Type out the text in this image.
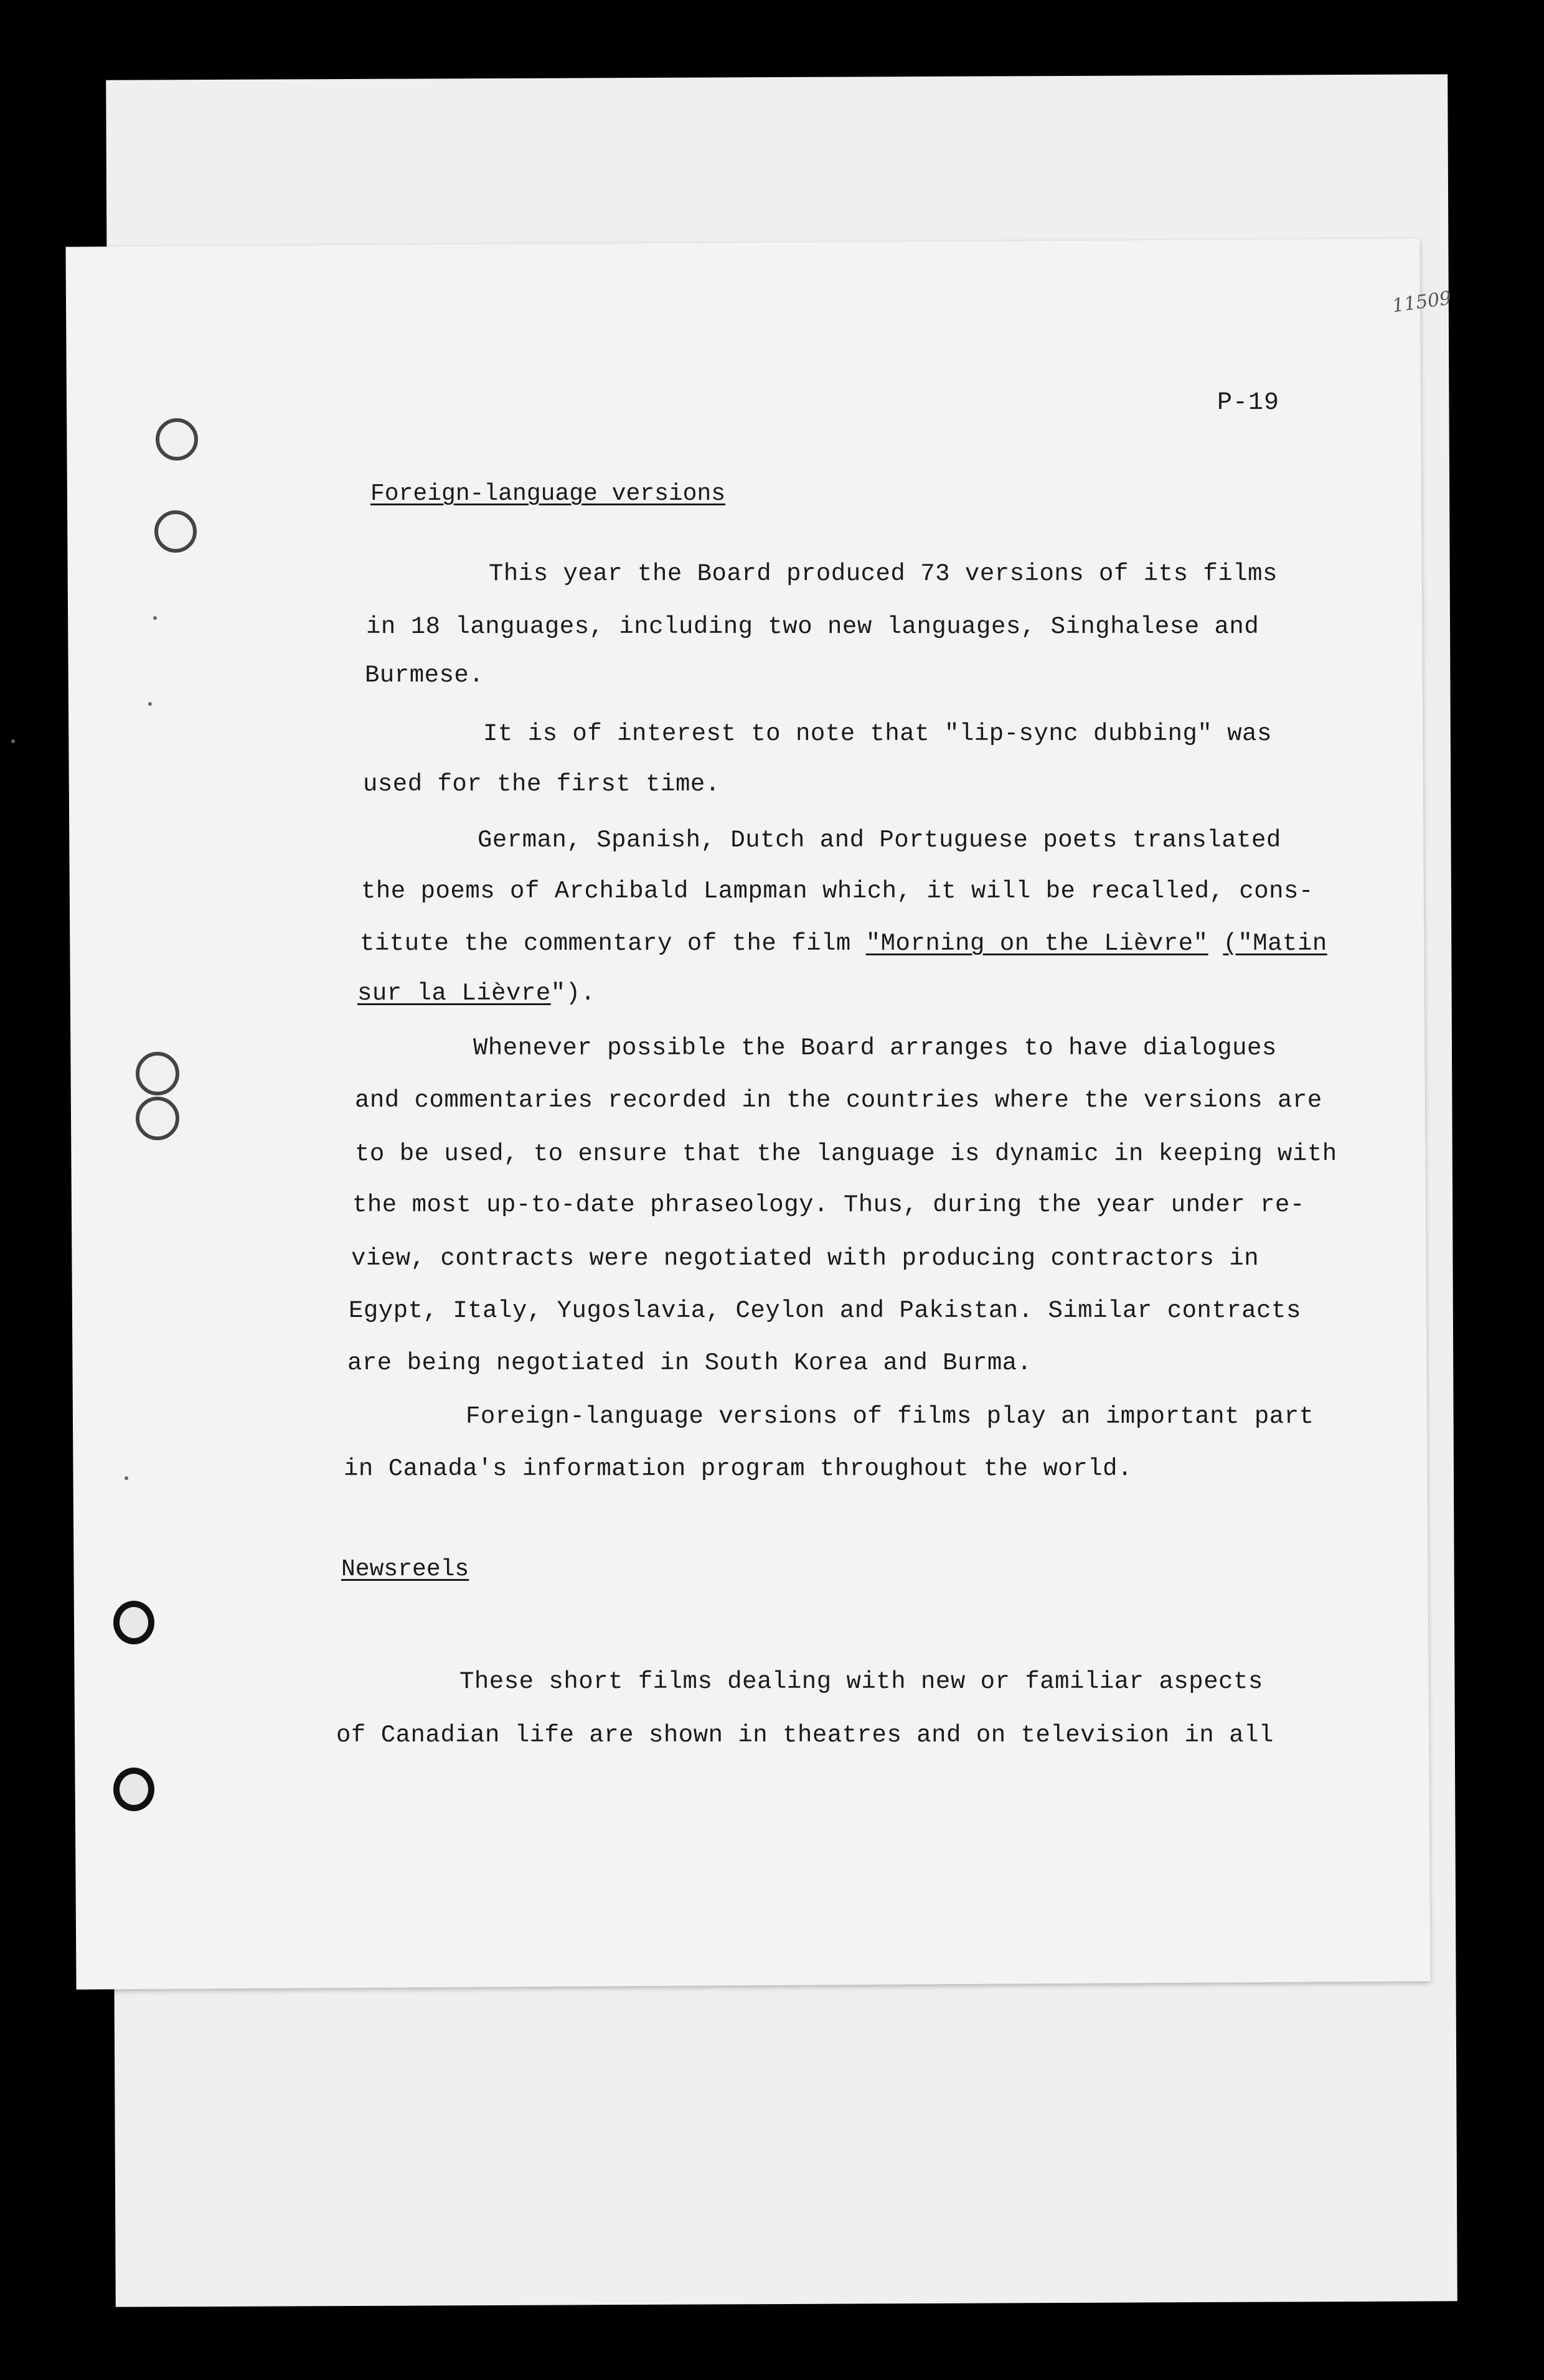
11509
P-19
Foreign-language versions
This year the Board produced 73 versions of its films
in 18 languages, including two new languages, Singhalese and
Burmese.
It is of interest to note that "lip-sync dubbing" was
used for the first time.
German, Spanish, Dutch and Portuguese poets translated
the poems of Archibald Lampman which, it will be recalled, cons-
titute the commentary of the film "Morning on the Lièvre" ("Matin
sur la Lièvre").
Whenever possible the Board arranges to have dialogues
and commentaries recorded in the countries where the versions are
to be used, to ensure that the language is dynamic in keeping with
the most up-to-date phraseology. Thus, during the year under re-
view, contracts were negotiated with producing contractors in
Egypt, Italy, Yugoslavia, Ceylon and Pakistan. Similar contracts
are being negotiated in South Korea and Burma.
Foreign-language versions of films play an important part
in Canada's information program throughout the world.
Newsreels
These short films dealing with new or familiar aspects
of Canadian life are shown in theatres and on television in all
